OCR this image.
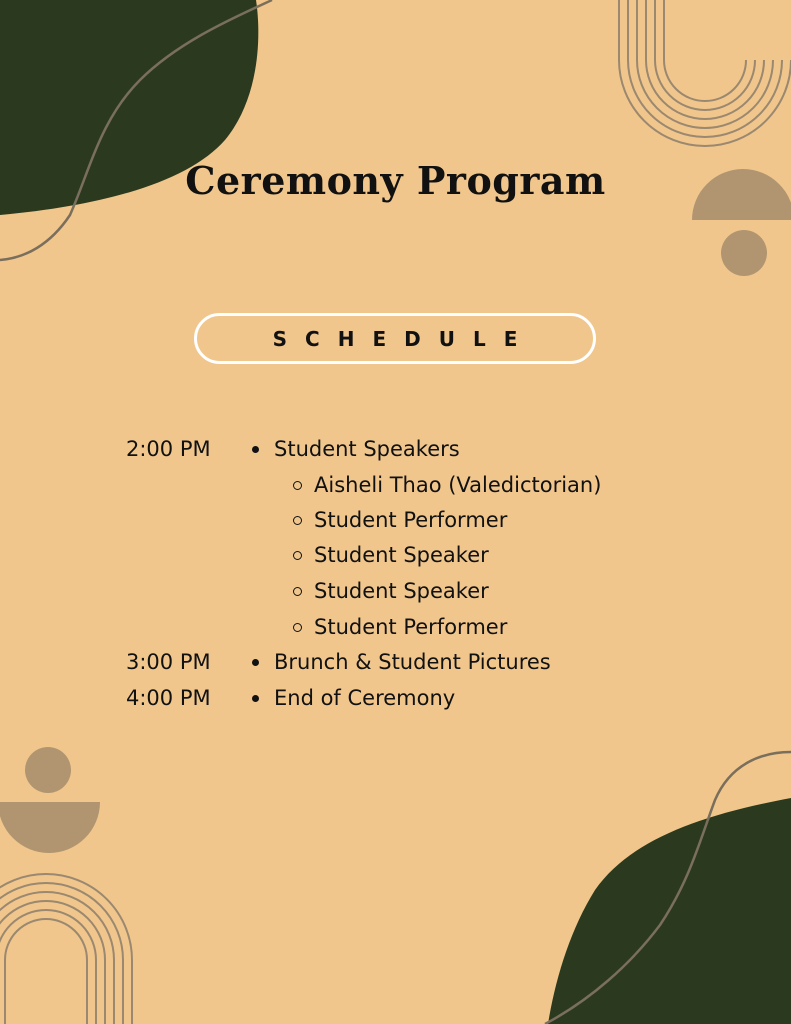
Ceremony Program
SCHEDULE
2:00 PM	Student Speakers
Aisheli Thao (Valedictorian)
Student Performer
Student Speaker
Student Speaker
Student Performer
3:00 PM	Brunch & Student Pictures
4:00 PM	End of Ceremony
